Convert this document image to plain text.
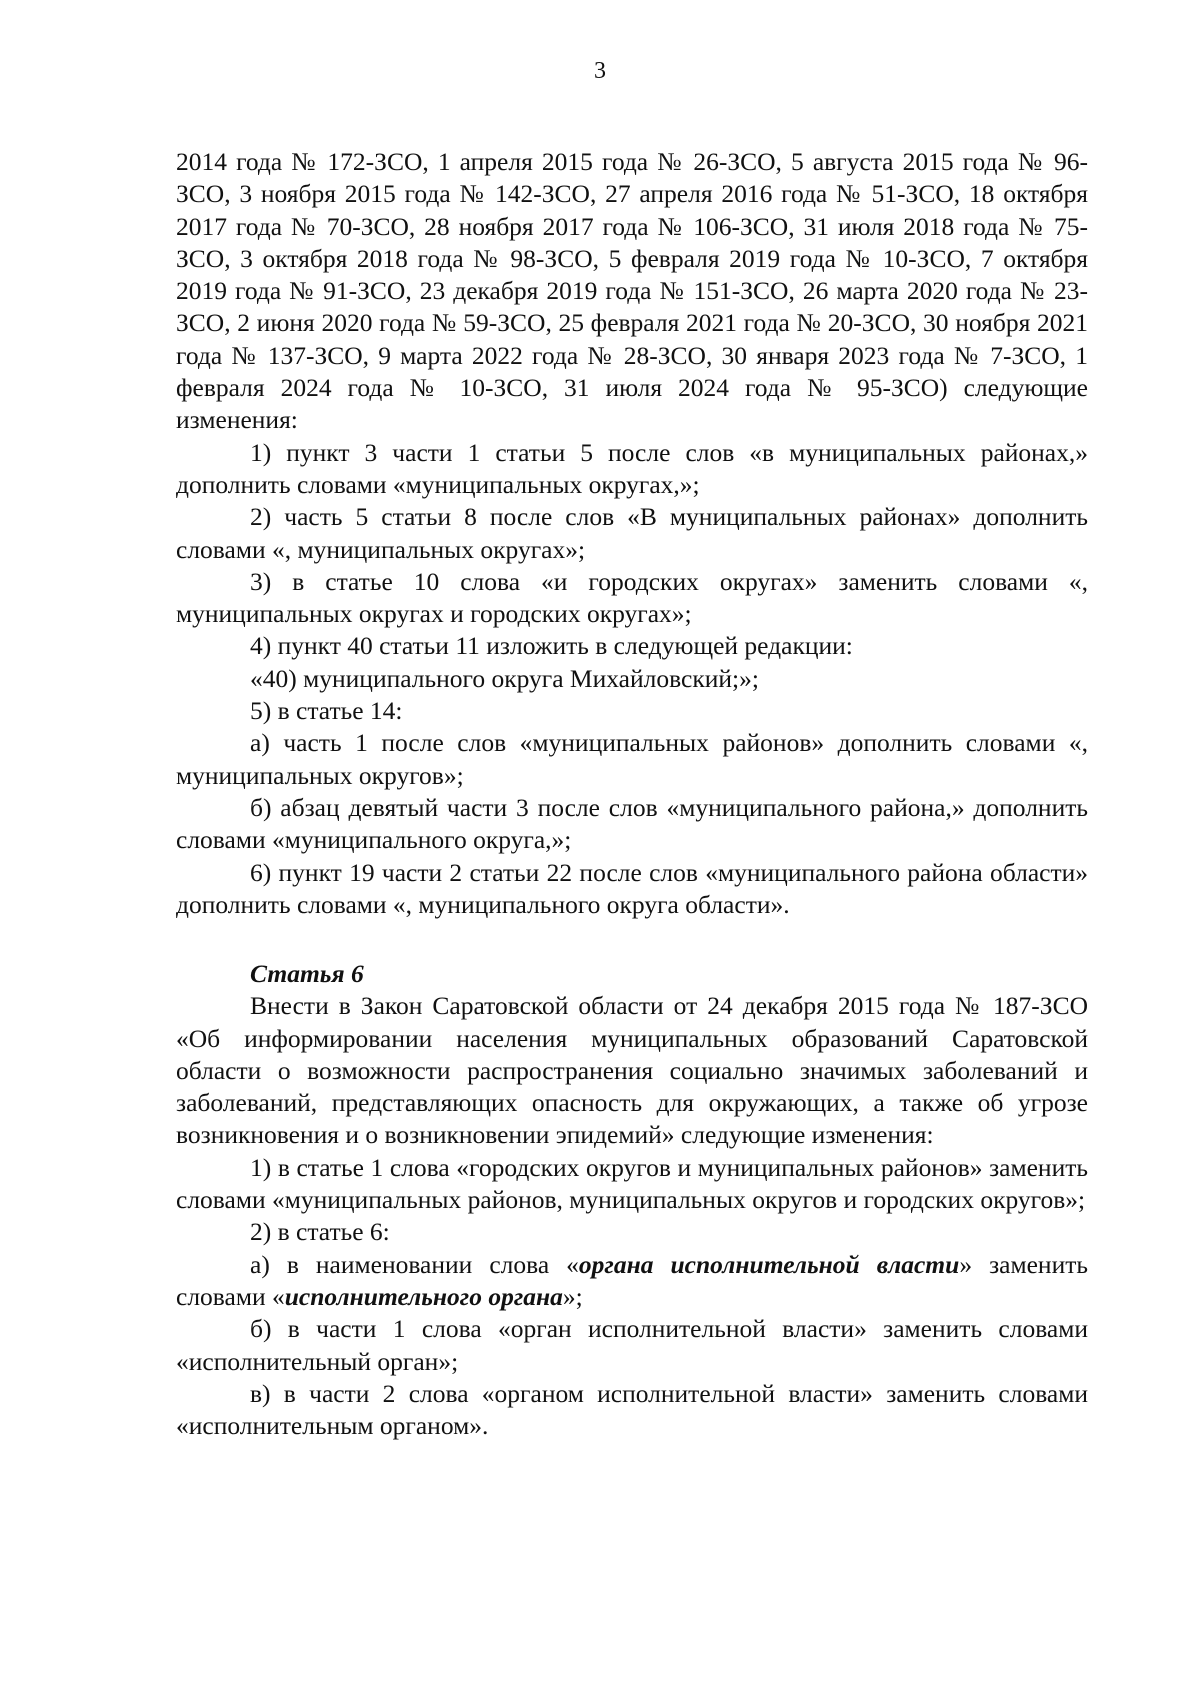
3

2014 года № 172-ЗСО, 1 апреля 2015 года № 26-ЗСО, 5 августа 2015 года № 96-ЗСО, 3 ноября 2015 года № 142-ЗСО, 27 апреля 2016 года № 51-ЗСО, 18 октября 2017 года № 70-ЗСО, 28 ноября 2017 года № 106-ЗСО, 31 июля 2018 года № 75-ЗСО, 3 октября 2018 года № 98-ЗСО, 5 февраля 2019 года № 10-ЗСО, 7 октября 2019 года № 91-ЗСО, 23 декабря 2019 года № 151-ЗСО, 26 марта 2020 года № 23-ЗСО, 2 июня 2020 года № 59-ЗСО, 25 февраля 2021 года № 20-ЗСО, 30 ноября 2021 года № 137-ЗСО, 9 марта 2022 года № 28-ЗСО, 30 января 2023 года № 7-ЗСО, 1 февраля 2024 года № 10-ЗСО, 31 июля 2024 года № 95-ЗСО) следующие изменения:

1) пункт 3 части 1 статьи 5 после слов «в муниципальных районах,» дополнить словами «муниципальных округах,»;

2) часть 5 статьи 8 после слов «В муниципальных районах» дополнить словами «, муниципальных округах»;

3) в статье 10 слова «и городских округах» заменить словами «, муниципальных округах и городских округах»;

4) пункт 40 статьи 11 изложить в следующей редакции:

«40) муниципального округа Михайловский;»;

5) в статье 14:

а) часть 1 после слов «муниципальных районов» дополнить словами «, муниципальных округов»;

б) абзац девятый части 3 после слов «муниципального района,» дополнить словами «муниципального округа,»;

6) пункт 19 части 2 статьи 22 после слов «муниципального района области» дополнить словами «, муниципального округа области».

Статья 6

Внести в Закон Саратовской области от 24 декабря 2015 года № 187-ЗСО «Об информировании населения муниципальных образований Саратовской области о возможности распространения социально значимых заболеваний и заболеваний, представляющих опасность для окружающих, а также об угрозе возникновения и о возникновении эпидемий» следующие изменения:

1) в статье 1 слова «городских округов и муниципальных районов» заменить словами «муниципальных районов, муниципальных округов и городских округов»;

2) в статье 6:

а) в наименовании слова «органа исполнительной власти» заменить словами «исполнительного органа»;

б) в части 1 слова «орган исполнительной власти» заменить словами «исполнительный орган»;

в) в части 2 слова «органом исполнительной власти» заменить словами «исполнительным органом».
